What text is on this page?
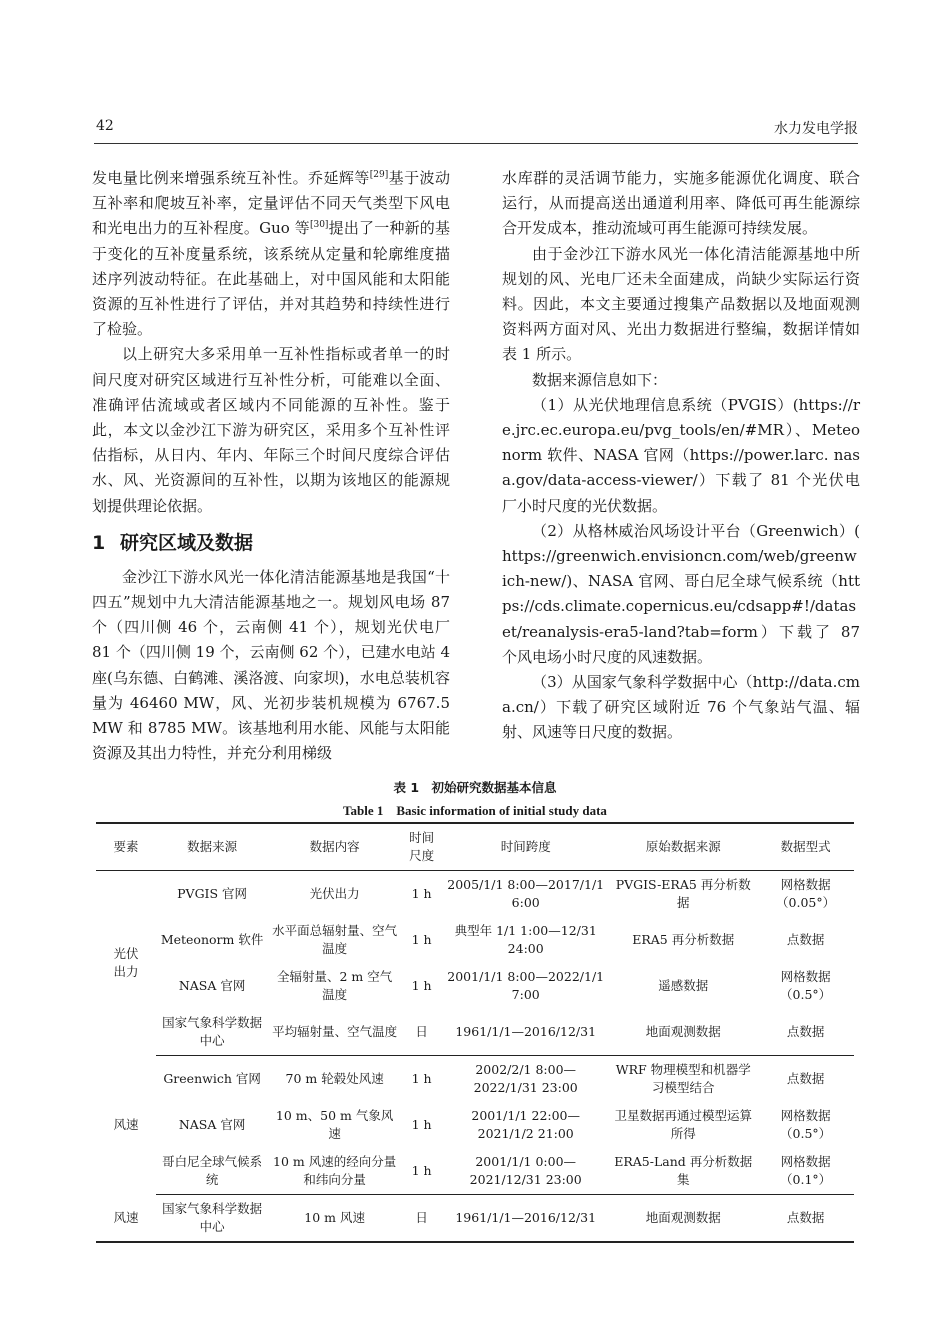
42	水力发电学报

发电量比例来增强系统互补性。乔延辉等[29]基于波动互补率和爬坡互补率，定量评估不同天气类型下风电和光电出力的互补程度。Guo 等[30]提出了一种新的基于变化的互补度量系统，该系统从定量和轮廓维度描述序列波动特征。在此基础上，对中国风能和太阳能资源的互补性进行了评估，并对其趋势和持续性进行了检验。

以上研究大多采用单一互补性指标或者单一的时间尺度对研究区域进行互补性分析，可能难以全面、准确评估流域或者区域内不同能源的互补性。鉴于此，本文以金沙江下游为研究区，采用多个互补性评估指标，从日内、年内、年际三个时间尺度综合评估水、风、光资源间的互补性，以期为该地区的能源规划提供理论依据。

1 研究区域及数据

金沙江下游水风光一体化清洁能源基地是我国“十四五”规划中九大清洁能源基地之一。规划风电场 87 个（四川侧 46 个，云南侧 41 个），规划光伏电厂 81 个（四川侧 19 个，云南侧 62 个），已建水电站 4 座(乌东德、白鹤滩、溪洛渡、向家坝)，水电总装机容量为 46460 MW，风、光初步装机规模为 6767.5 MW 和 8785 MW。该基地利用水能、风能与太阳能资源及其出力特性，并充分利用梯级

水库群的灵活调节能力，实施多能源优化调度、联合运行，从而提高送出通道利用率、降低可再生能源综合开发成本，推动流域可再生能源可持续发展。

由于金沙江下游水风光一体化清洁能源基地中所规划的风、光电厂还未全面建成，尚缺少实际运行资料。因此，本文主要通过搜集产品数据以及地面观测资料两方面对风、光出力数据进行整编，数据详情如表 1 所示。

数据来源信息如下：

（1）从光伏地理信息系统（PVGIS）(https://re.jrc.ec.europa.eu/pvg_tools/en/#MR）、Meteonorm 软件、NASA 官网（https://power.larc. nasa.gov/data-access-viewer/）下载了 81 个光伏电厂小时尺度的光伏数据。

（2）从格林威治风场设计平台（Greenwich）( https://greenwich.envisioncn.com/web/greenwich-new/)、NASA 官网、哥白尼全球气候系统（https://cds.climate.copernicus.eu/cdsapp#!/dataset/reanalysis-era5-land?tab=form）下载了 87 个风电场小时尺度的风速数据。

（3）从国家气象科学数据中心（http://data.cma.cn/）下载了研究区域附近 76 个气象站气温、辐射、风速等日尺度的数据。

表 1　初始研究数据基本信息
Table 1　Basic information of initial study data
要素	数据来源	数据内容	时间尺度	时间跨度	原始数据来源	数据型式
光伏
出力	PVGIS 官网	光伏出力	1 h	2005/1/1 8:00—2017/1/1 6:00	PVGIS-ERA5 再分析数据	网格数据（0.05°）
	Meteonorm 软件	水平面总辐射量、空气温度	1 h	典型年 1/1 1:00—12/31 24:00	ERA5 再分析数据	点数据
	NASA 官网	全辐射量、2 m 空气温度	1 h	2001/1/1 8:00—2022/1/1 7:00	遥感数据	网格数据（0.5°）
	国家气象科学数据中心	平均辐射量、空气温度	日	1961/1/1—2016/12/31	地面观测数据	点数据
风速	Greenwich 官网	70 m 轮毂处风速	1 h	2002/2/1 8:00—2022/1/31 23:00	WRF 物理模型和机器学习模型结合	点数据
	NASA 官网	10 m、50 m 气象风速	1 h	2001/1/1 22:00—2021/1/2 21:00	卫星数据再通过模型运算所得	网格数据（0.5°）
	哥白尼全球气候系统	10 m 风速的经向分量和纬向分量	1 h	2001/1/1 0:00—2021/12/31 23:00	ERA5-Land 再分析数据集	网格数据（0.1°）
风速	国家气象科学数据中心	10 m 风速	日	1961/1/1—2016/12/31	地面观测数据	点数据
